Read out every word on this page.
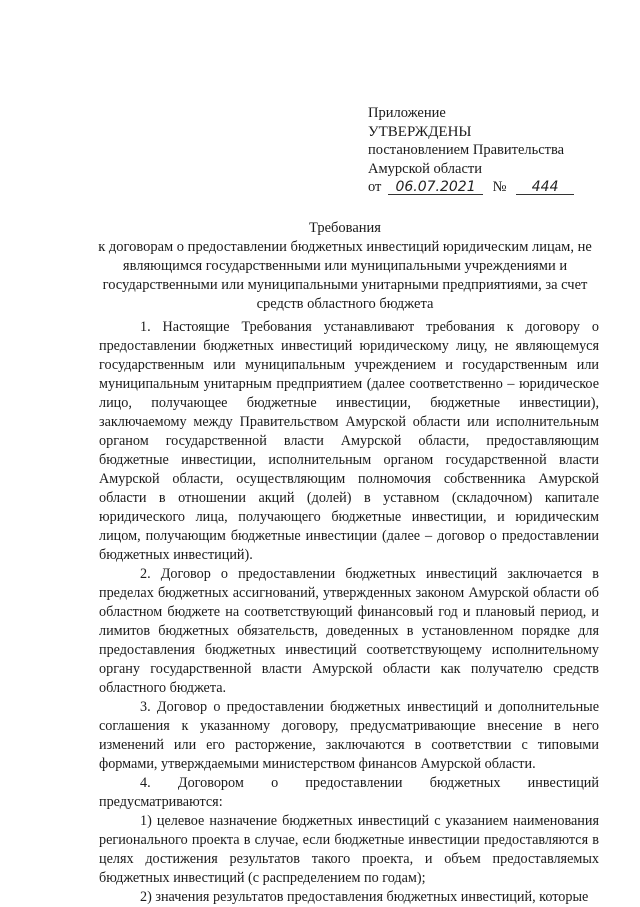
Приложение
УТВЕРЖДЕНЫ
постановлением Правительства
Амурской области
от 06.07.2021 № 444
Требования
к договорам о предоставлении бюджетных инвестиций юридическим лицам, не являющимся государственными или муниципальными учреждениями и государственными или муниципальными унитарными предприятиями, за счет средств областного бюджета

1. Настоящие Требования устанавливают требования к договору о предоставлении бюджетных инвестиций юридическому лицу, не являющемуся государственным или муниципальным учреждением и государственным или муниципальным унитарным предприятием (далее соответственно – юридическое лицо, получающее бюджетные инвестиции, бюджетные инвестиции), заключаемому между Правительством Амурской области или исполнительным органом государственной власти Амурской области, предоставляющим бюджетные инвестиции, исполнительным органом государственной власти Амурской области, осуществляющим полномочия собственника Амурской области в отношении акций (долей) в уставном (складочном) капитале юридического лица, получающего бюджетные инвестиции, и юридическим лицом, получающим бюджетные инвестиции (далее – договор о предоставлении бюджетных инвестиций).

2. Договор о предоставлении бюджетных инвестиций заключается в пределах бюджетных ассигнований, утвержденных законом Амурской области об областном бюджете на соответствующий финансовый год и плановый период, и лимитов бюджетных обязательств, доведенных в установленном порядке для предоставления бюджетных инвестиций соответствующему исполнительному органу государственной власти Амурской области как получателю средств областного бюджета.

3. Договор о предоставлении бюджетных инвестиций и дополнительные соглашения к указанному договору, предусматривающие внесение в него изменений или его расторжение, заключаются в соответствии с типовыми формами, утверждаемыми министерством финансов Амурской области.

4. Договором о предоставлении бюджетных инвестиций

предусматриваются:

1) целевое назначение бюджетных инвестиций с указанием наименования регионального проекта в случае, если бюджетные инвестиции предоставляются в целях достижения результатов такого проекта, и объем предоставляемых бюджетных инвестиций (с распределением по годам);

2) значения результатов предоставления бюджетных инвестиций, которые
